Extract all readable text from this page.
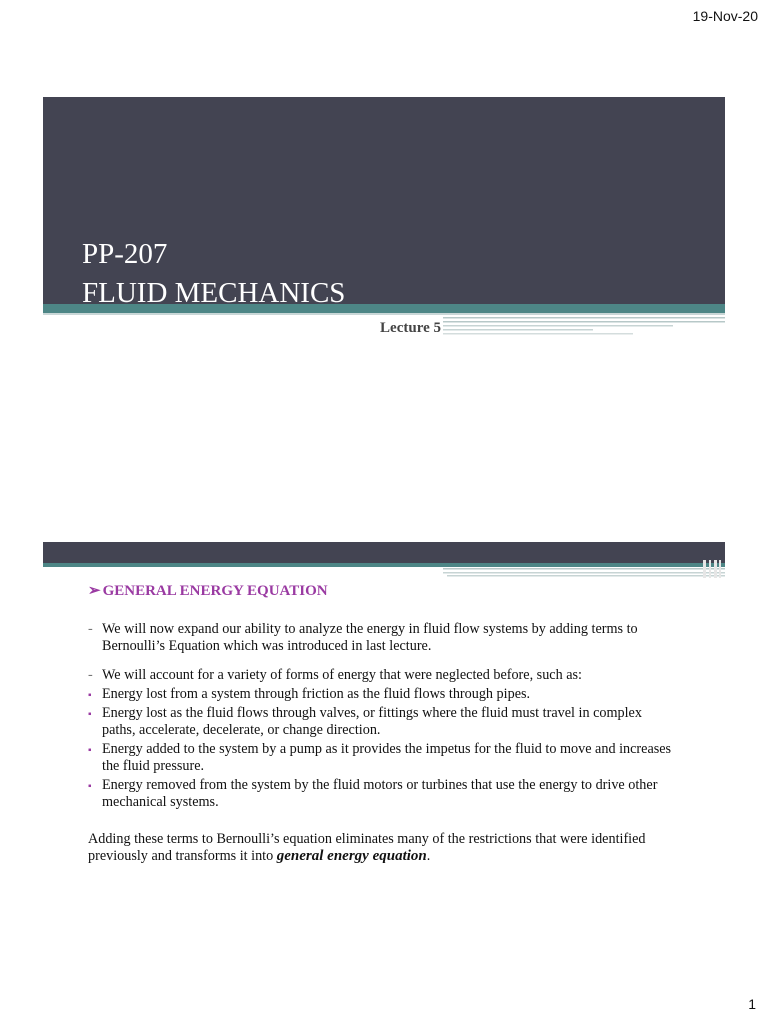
19-Nov-20
PP-207
FLUID MECHANICS
Lecture 5
➢ GENERAL ENERGY EQUATION
- We will now expand our ability to analyze the energy in fluid flow systems by adding terms to Bernoulli’s Equation which was introduced in last lecture.
- We will account for a variety of forms of energy that were neglected before, such as:
▪ Energy lost from a system through friction as the fluid flows through pipes.
▪ Energy lost as the fluid flows through valves, or fittings where the fluid must travel in complex paths, accelerate, decelerate, or change direction.
▪ Energy added to the system by a pump as it provides the impetus for the fluid to move and increases the fluid pressure.
▪ Energy removed from the system by the fluid motors or turbines that use the energy to drive other mechanical systems.
Adding these terms to Bernoulli’s equation eliminates many of the restrictions that were identified previously and transforms it into general energy equation.
1
